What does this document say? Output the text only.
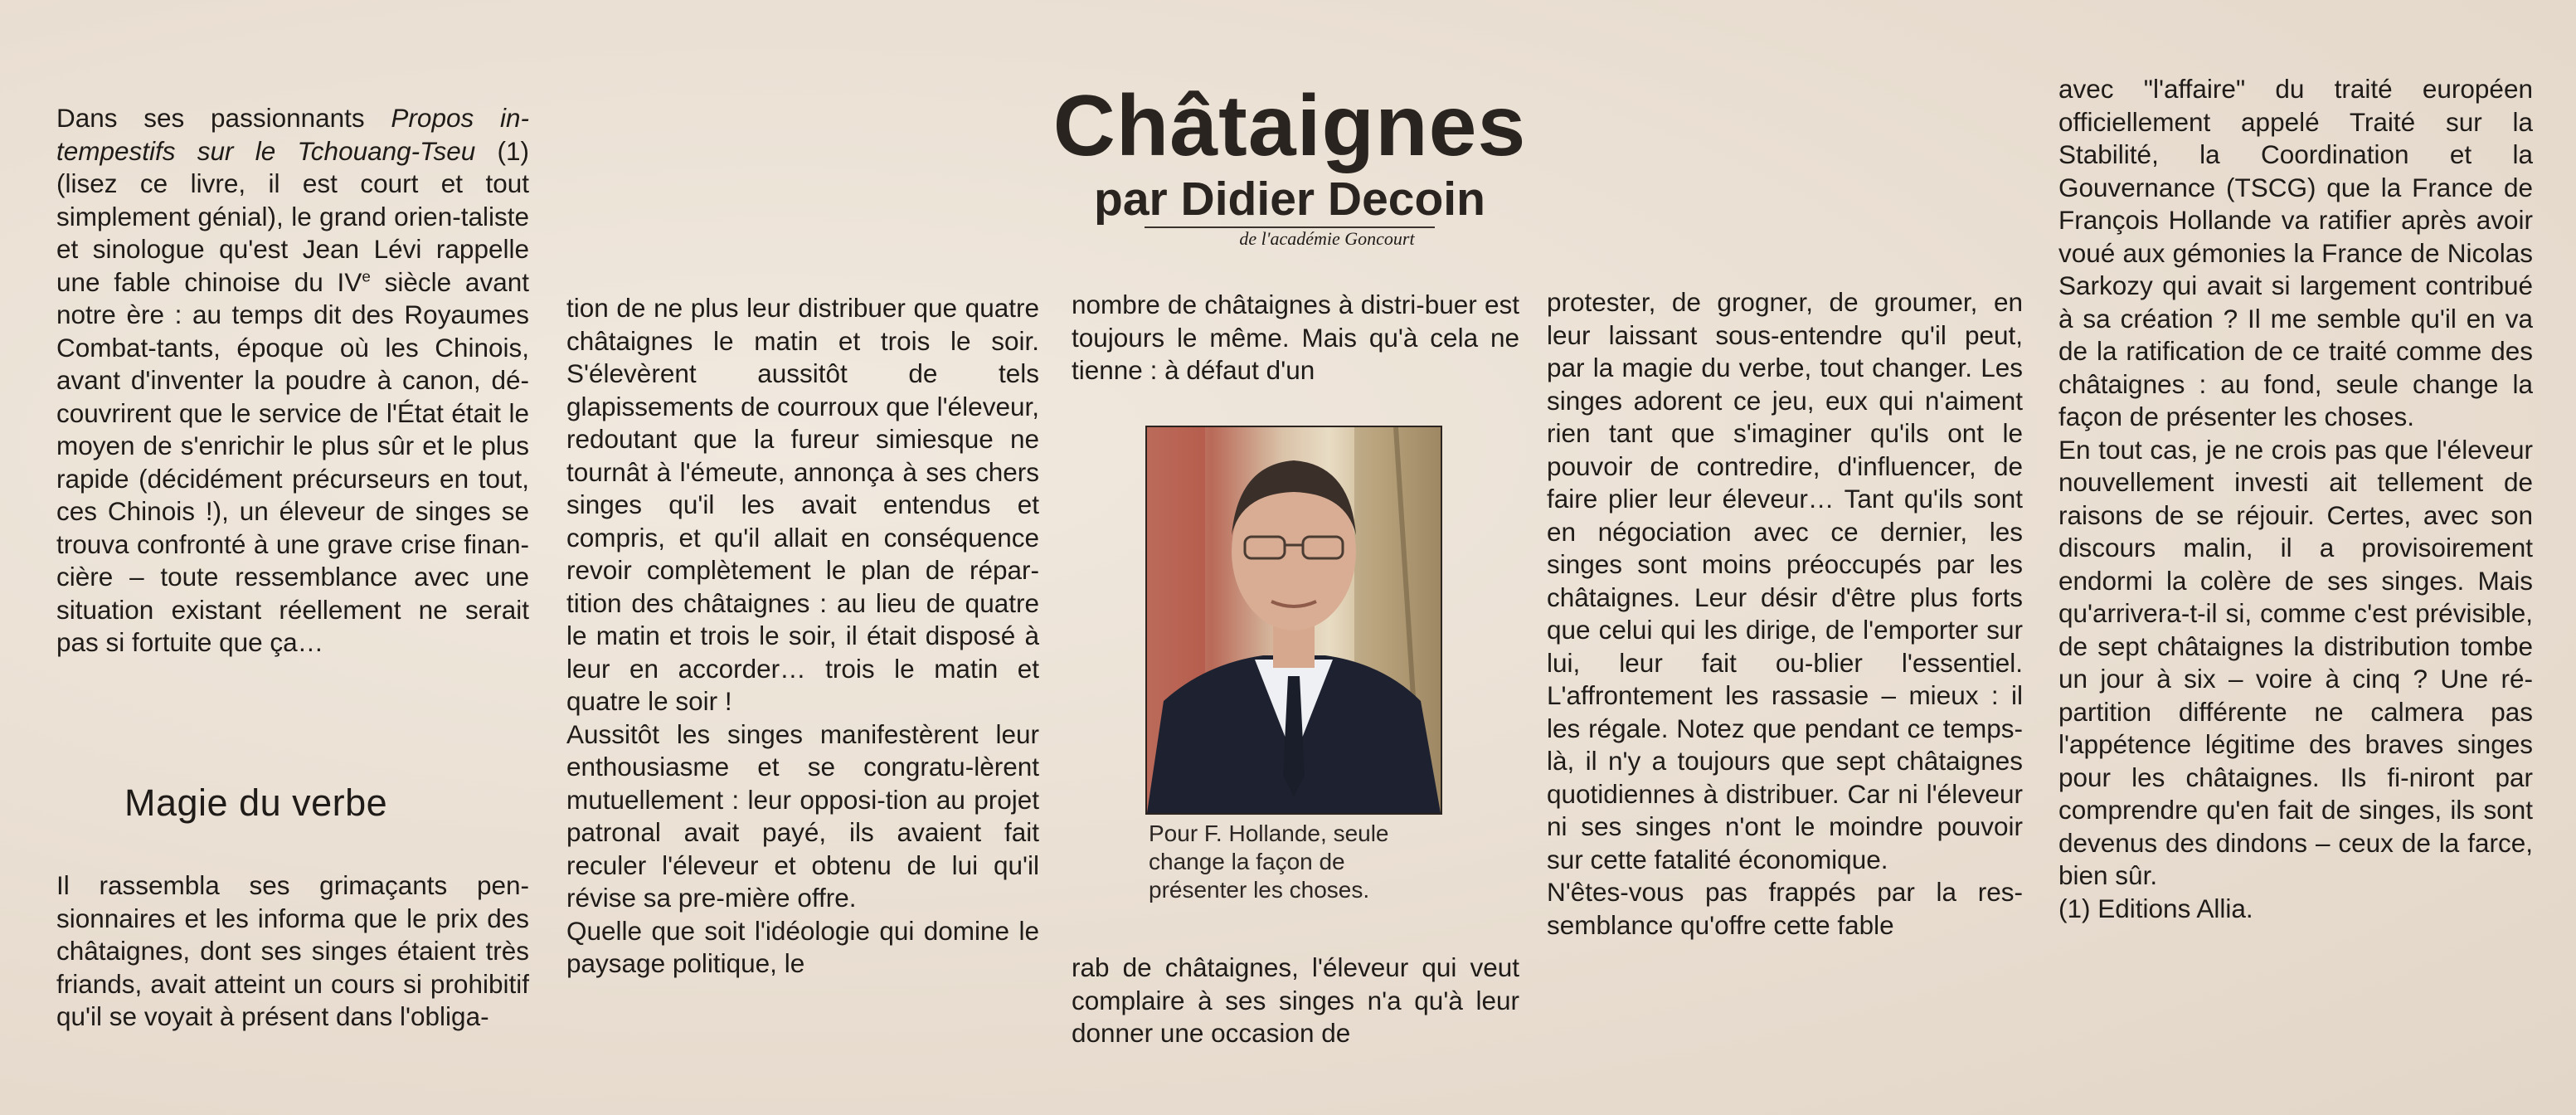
Châtaignes
par Didier Decoin
de l'académie Goncourt

Dans ses passionnants Propos in-tempestifs sur le Tchouang-Tseu (1) (lisez ce livre, il est court et tout simplement génial), le grand orien-taliste et sinologue qu'est Jean Lévi rappelle une fable chinoise du IVe siècle avant notre ère : au temps dit des Royaumes Combat-tants, époque où les Chinois, avant d'inventer la poudre à canon, dé-couvrirent que le service de l'État était le moyen de s'enrichir le plus sûr et le plus rapide (décidément précurseurs en tout, ces Chinois !), un éleveur de singes se trouva confronté à une grave crise finan-cière – toute ressemblance avec une situation existant réellement ne serait pas si fortuite que ça…

Magie du verbe

Il rassembla ses grimaçants pen-sionnaires et les informa que le prix des châtaignes, dont ses singes étaient très friands, avait atteint un cours si prohibitif qu'il se voyait à présent dans l'obliga-

tion de ne plus leur distribuer que quatre châtaignes le matin et trois le soir. S'élevèrent aussitôt de tels glapissements de courroux que l'éleveur, redoutant que la fureur simiesque ne tournât à l'émeute, annonça à ses chers singes qu'il les avait entendus et compris, et qu'il allait en conséquence revoir complètement le plan de répar-tition des châtaignes : au lieu de quatre le matin et trois le soir, il était disposé à leur en accorder… trois le matin et quatre le soir !

Aussitôt les singes manifestèrent leur enthousiasme et se congratu-lèrent mutuellement : leur opposi-tion au projet patronal avait payé, ils avaient fait reculer l'éleveur et obtenu de lui qu'il révise sa pre-mière offre.

Quelle que soit l'idéologie qui domine le paysage politique, le

nombre de châtaignes à distri-buer est toujours le même. Mais qu'à cela ne tienne : à défaut d'un

rab de châtaignes, l'éleveur qui veut complaire à ses singes n'a qu'à leur donner une occasion de

Pour F. Hollande, seule
change la façon de
présenter les choses.

protester, de grogner, de groumer, en leur laissant sous-entendre qu'il peut, par la magie du verbe, tout changer. Les singes adorent ce jeu, eux qui n'aiment rien tant que s'imaginer qu'ils ont le pouvoir de contredire, d'influencer, de faire plier leur éleveur… Tant qu'ils sont en négociation avec ce dernier, les singes sont moins préoccupés par les châtaignes. Leur désir d'être plus forts que celui qui les dirige, de l'emporter sur lui, leur fait ou-blier l'essentiel. L'affrontement les rassasie – mieux : il les régale. Notez que pendant ce temps-là, il n'y a toujours que sept châtaignes quotidiennes à distribuer. Car ni l'éleveur ni ses singes n'ont le moindre pouvoir sur cette fatalité économique.

N'êtes-vous pas frappés par la res-semblance qu'offre cette fable

avec "l'affaire" du traité européen officiellement appelé Traité sur la Stabilité, la Coordination et la Gouvernance (TSCG) que la France de François Hollande va ratifier après avoir voué aux gémonies la France de Nicolas Sarkozy qui avait si largement contribué à sa création ? Il me semble qu'il en va de la ratification de ce traité comme des châtaignes : au fond, seule change la façon de présenter les choses.

En tout cas, je ne crois pas que l'éleveur nouvellement investi ait tellement de raisons de se réjouir. Certes, avec son discours malin, il a provisoirement endormi la colère de ses singes. Mais qu'arrivera-t-il si, comme c'est prévisible, de sept châtaignes la distribution tombe un jour à six – voire à cinq ? Une ré-partition différente ne calmera pas l'appétence légitime des braves singes pour les châtaignes. Ils fi-niront par comprendre qu'en fait de singes, ils sont devenus des dindons – ceux de la farce, bien sûr.

(1) Editions Allia.
